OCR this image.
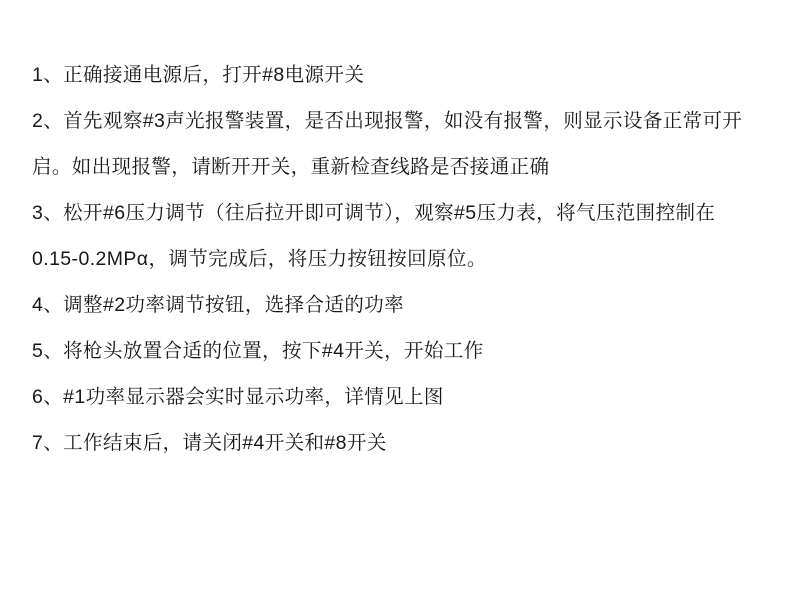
1、正确接通电源后，打开#8电源开关
2、首先观察#3声光报警装置，是否出现报警，如没有报警，则显示设备正常可开
启。如出现报警，请断开开关，重新检查线路是否接通正确
3、松开#6压力调节（往后拉开即可调节），观察#5压力表，将气压范围控制在
0.15-0.2MPα，调节完成后，将压力按钮按回原位。
4、调整#2功率调节按钮，选择合适的功率
5、将枪头放置合适的位置，按下#4开关，开始工作
6、#1功率显示器会实时显示功率，详情见上图
7、工作结束后，请关闭#4开关和#8开关
